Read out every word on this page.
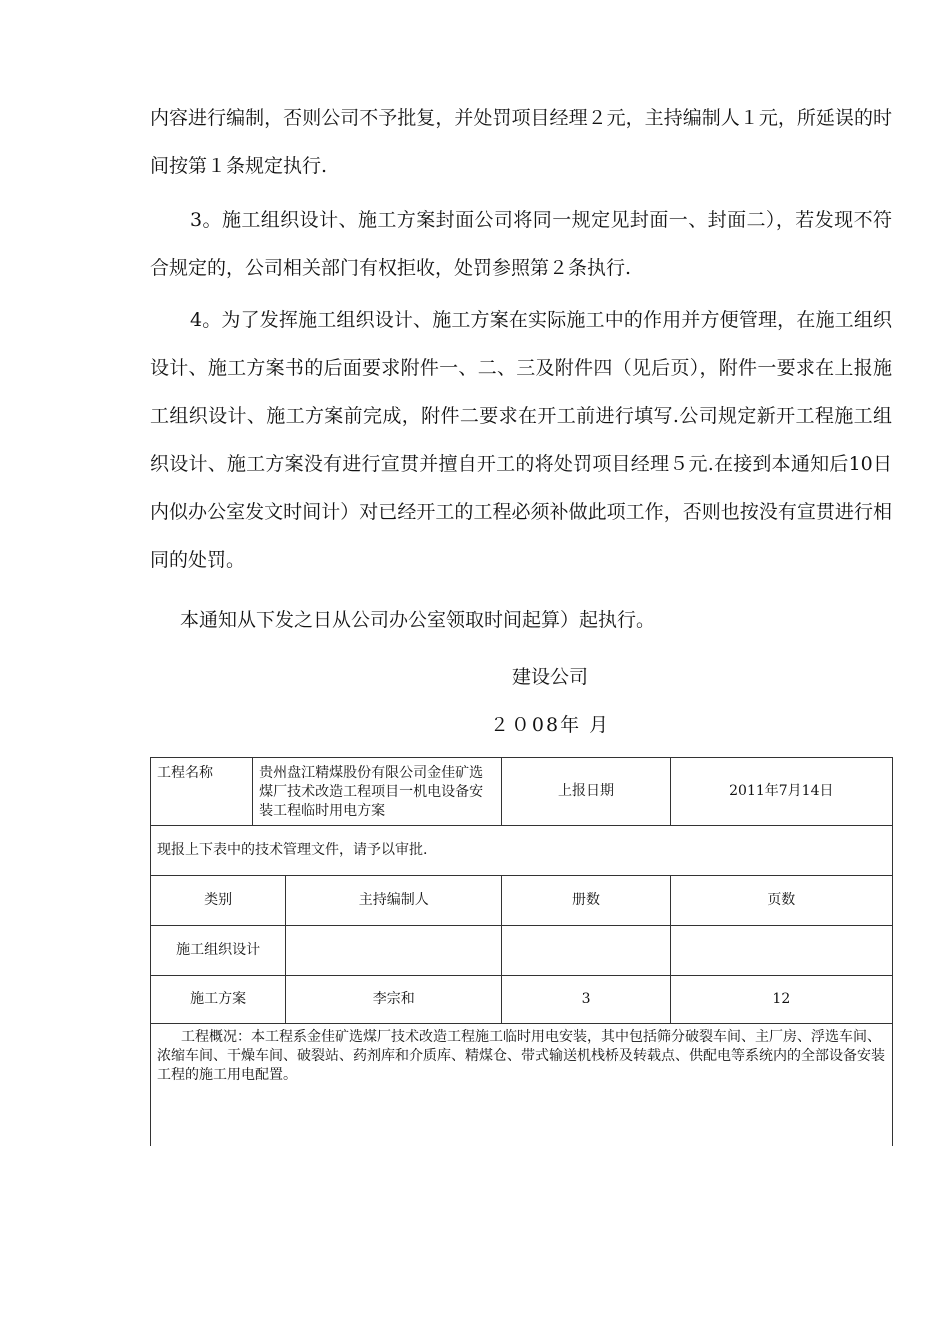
内容进行编制，否则公司不予批复，并处罚项目经理２元，主持编制人１元，所延误的时间按第１条规定执行.

3。施工组织设计、施工方案封面公司将同一规定见封面一、封面二），若发现不符合规定的，公司相关部门有权拒收，处罚参照第２条执行.

4。为了发挥施工组织设计、施工方案在实际施工中的作用并方便管理，在施工组织设计、施工方案书的后面要求附件一、二、三及附件四（见后页），附件一要求在上报施工组织设计、施工方案前完成，附件二要求在开工前进行填写.公司规定新开工程施工组织设计、施工方案没有进行宣贯并擅自开工的将处罚项目经理５元.在接到本通知后10日内似办公室发文时间计）对已经开工的工程必须补做此项工作，否则也按没有宣贯进行相同的处罚。

本通知从下发之日从公司办公室领取时间起算）起执行。

建设公司

２０08年 月

工程名称	贵州盘江精煤股份有限公司金佳矿选煤厂技术改造工程项目一机电设备安装工程临时用电方案		上报日期	2011年7月14日
现报上下表中的技术管理文件，请予以审批.				
类别		主持编制人	册数	页数
施工组织设计				
施工方案		李宗和	3	12
工程概况：本工程系金佳矿选煤厂技术改造工程施工临时用电安装，其中包括筛分破裂车间、主厂房、浮选车间、浓缩车间、干燥车间、破裂站、药剂库和介质库、精煤仓、带式输送机栈桥及转载点、供配电等系统内的全部设备安装工程的施工用电配置。				
